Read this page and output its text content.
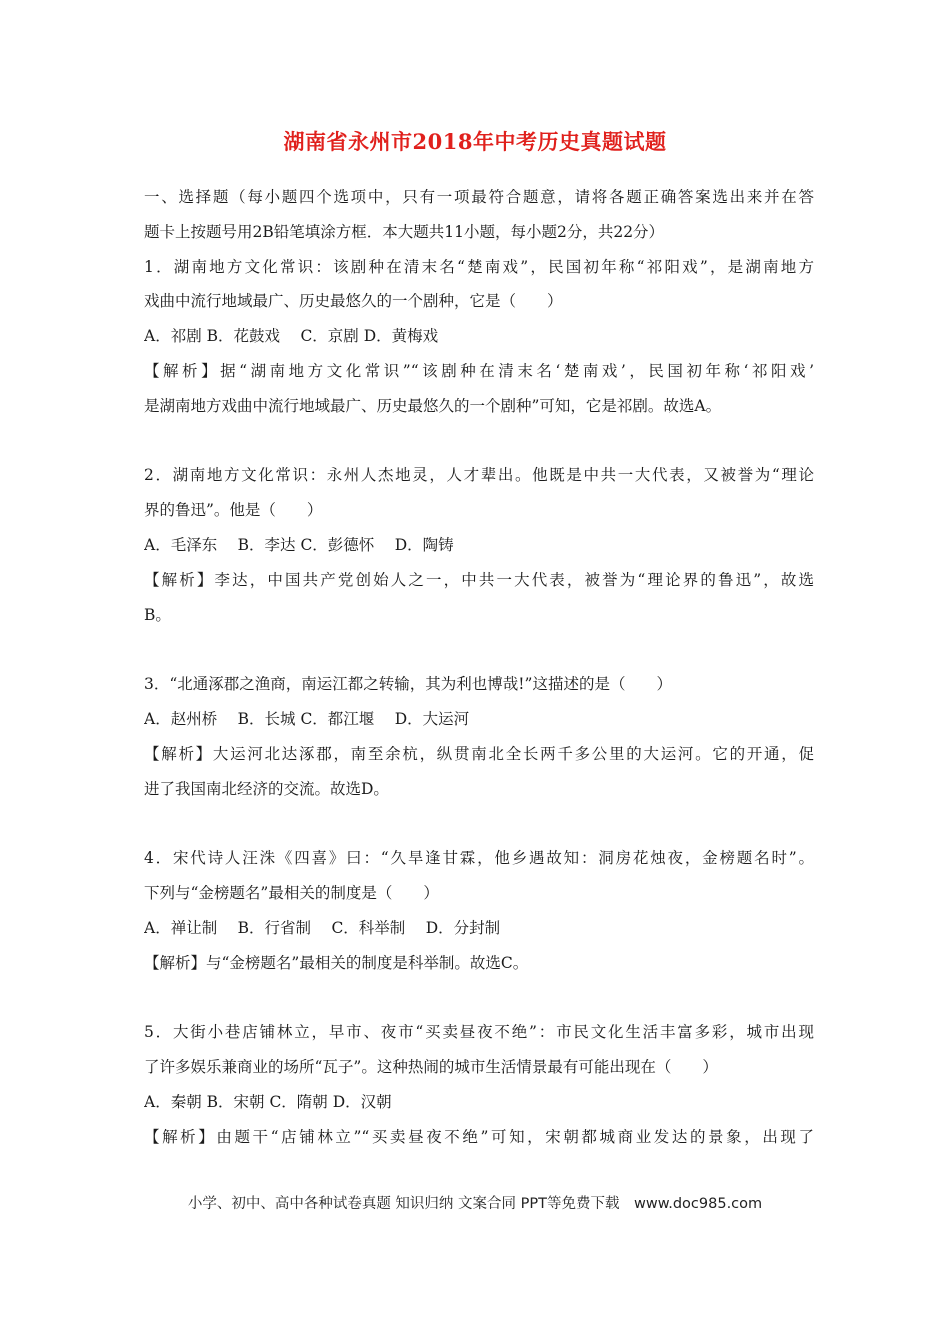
湖南省永州市2018年中考历史真题试题
一、选择题（每小题四个选项中，只有一项最符合题意，请将各题正确答案选出来并在答
题卡上按题号用2B铅笔填涂方框．本大题共11小题，每小题2分，共22分）
1．湖南地方文化常识：该剧种在清末名“楚南戏”，民国初年称“祁阳戏”，是湖南地方
戏曲中流行地域最广、历史最悠久的一个剧种，它是（　　）
A．祁剧 B．花鼓戏　 C．京剧 D．黄梅戏
【解析】据“湖南地方文化常识”“该剧种在清末名‘楚南戏’，民国初年称‘祁阳戏’
是湖南地方戏曲中流行地域最广、历史最悠久的一个剧种”可知，它是祁剧。故选A。
2．湖南地方文化常识：永州人杰地灵，人才辈出。他既是中共一大代表，又被誉为“理论
界的鲁迅”。他是（　　）
A．毛泽东　 B．李达 C．彭德怀　 D．陶铸
【解析】李达，中国共产党创始人之一，中共一大代表，被誉为“理论界的鲁迅”，故选
B。
3．“北通涿郡之渔商，南运江都之转输，其为利也博哉!”这描述的是（　　）
A．赵州桥　 B．长城 C．都江堰　 D．大运河
【解析】大运河北达涿郡，南至余杭，纵贯南北全长两千多公里的大运河。它的开通，促
进了我国南北经济的交流。故选D。
4．宋代诗人汪洙《四喜》曰：“久旱逢甘霖，他乡遇故知：洞房花烛夜，金榜题名时”。
下列与“金榜题名”最相关的制度是（　　）
A．禅让制　 B．行省制　 C．科举制　 D．分封制
【解析】与“金榜题名”最相关的制度是科举制。故选C。
5．大街小巷店铺林立，早市、夜市“买卖昼夜不绝”：市民文化生活丰富多彩，城市出现
了许多娱乐兼商业的场所“瓦子”。这种热闹的城市生活情景最有可能出现在（　　）
A．秦朝 B．宋朝 C．隋朝 D．汉朝
【解析】由题干“店铺林立”“买卖昼夜不绝”可知，宋朝都城商业发达的景象，出现了
小学、初中、高中各种试卷真题 知识归纳 文案合同 PPT等免费下载　www.doc985.com
